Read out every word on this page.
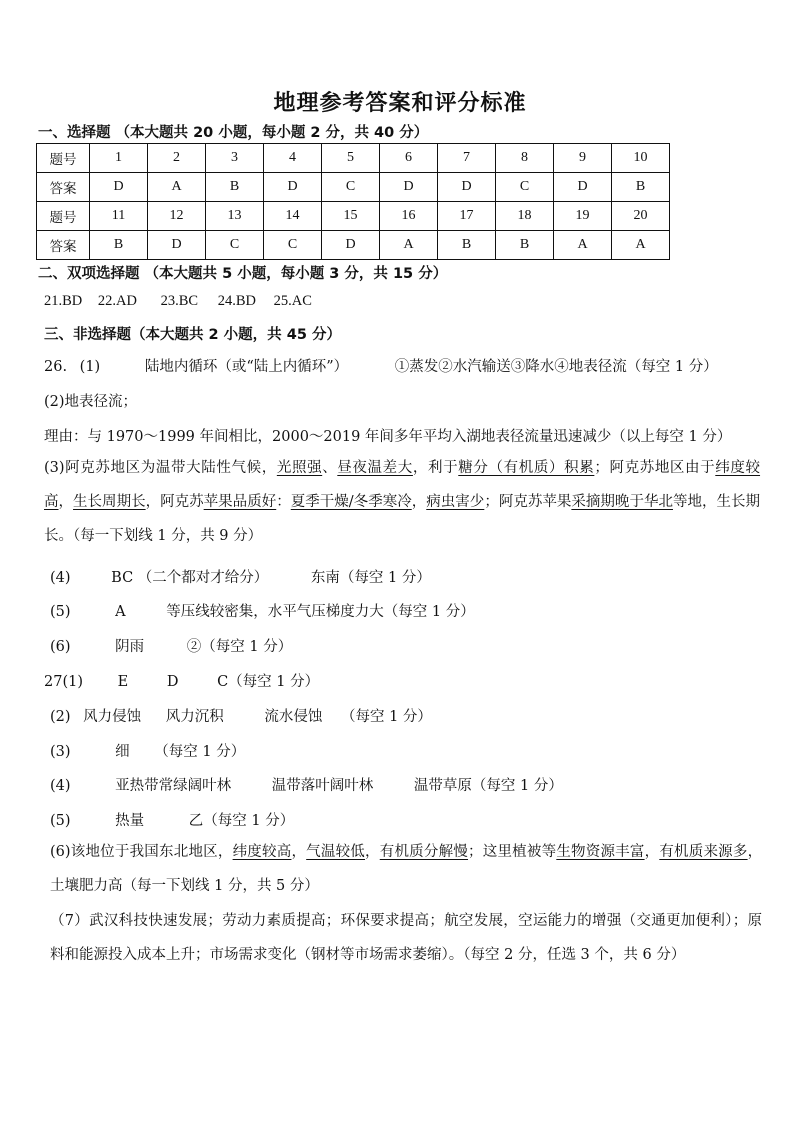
地理参考答案和评分标准
一、选择题 （本大题共 20 小题，每小题 2 分，共 40 分）
题号	1	2	3	4	5	6	7	8	9	10
答案	D	A	B	D	C	D	D	C	D	B
题号	11	12	13	14	15	16	17	18	19	20
答案	B	D	C	C	D	A	B	B	A	A
二、双项选择题 （本大题共 5 小题，每小题 3 分，共 15 分）
21.BD 22.AD 23.BC 24.BD 25.AC
三、非选择题（本大题共 2 小题，共 45 分）
26. (1)	陆地内循环（或“陆上内循环”）	①蒸发②水汽输送③降水④地表径流（每空 1 分）
(2)地表径流；
理由：与 1970～1999 年间相比，2000～2019 年间多年平均入湖地表径流量迅速减少（以上每空 1 分）
(3)阿克苏地区为温带大陆性气候，光照强、昼夜温差大，利于糖分（有机质）积累；阿克苏地区由于纬度较高，生长周期长，阿克苏苹果品质好：夏季干燥/冬季寒冷，病虫害少；阿克苏苹果采摘期晚于华北等地，生长期长。（每一下划线 1 分，共 9 分）
(4)	BC （二个都对才给分）	东南（每空 1 分）
(5)	A	等压线较密集，水平气压梯度力大（每空 1 分）
(6)	阴雨	②（每空 1 分）
27(1) E	D	C（每空 1 分）
(2) 风力侵蚀 风力沉积	流水侵蚀 （每空 1 分）
(3)	细 （每空 1 分）
(4)	亚热带常绿阔叶林	温带落叶阔叶林	温带草原（每空 1 分）
(5)	热量	乙（每空 1 分）
(6)该地位于我国东北地区，纬度较高，气温较低，有机质分解慢；这里植被等生物资源丰富，有机质来源多，土壤肥力高（每一下划线 1 分，共 5 分）
（7）武汉科技快速发展；劳动力素质提高；环保要求提高；航空发展，空运能力的增强（交通更加便利）；原料和能源投入成本上升；市场需求变化（钢材等市场需求萎缩）。（每空 2 分，任选 3 个，共 6 分）
